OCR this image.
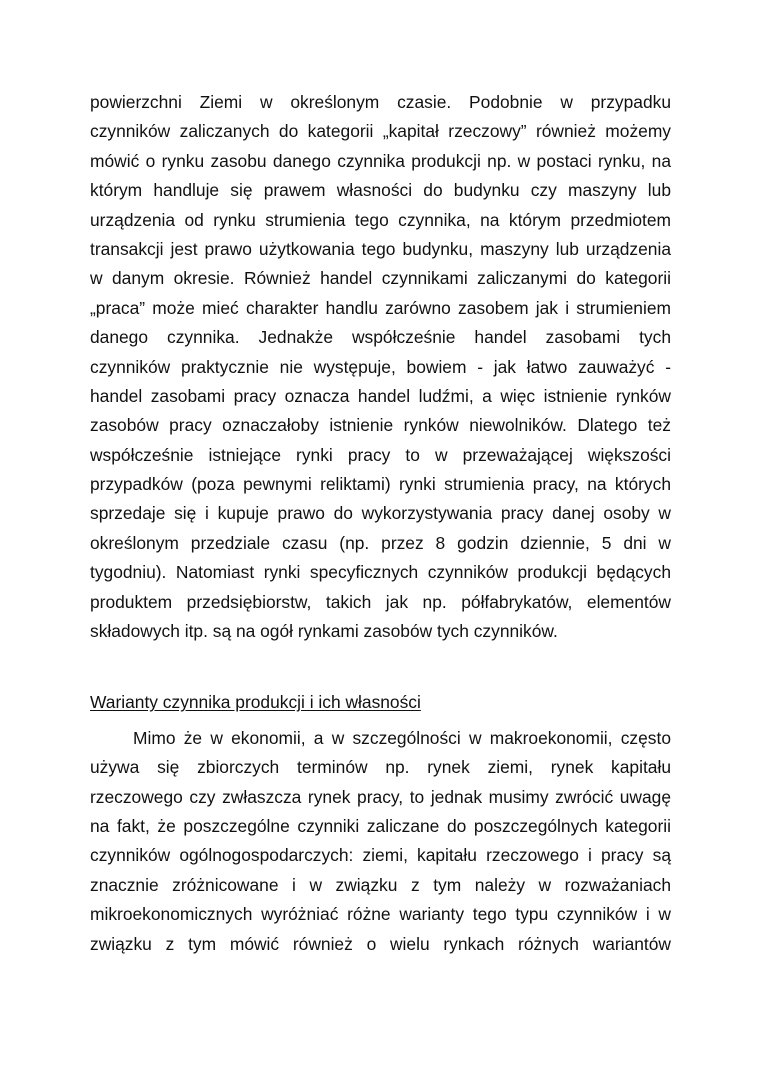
powierzchni Ziemi w określonym czasie. Podobnie w przypadku
czynników zaliczanych do kategorii „kapitał rzeczowy” również możemy
mówić o rynku zasobu danego czynnika produkcji np. w postaci rynku, na
którym handluje się prawem własności do budynku czy maszyny lub
urządzenia od rynku strumienia tego czynnika, na którym przedmiotem
transakcji jest prawo użytkowania tego budynku, maszyny lub urządzenia
w danym okresie. Również handel czynnikami zaliczanymi do kategorii
„praca” może mieć charakter handlu zarówno zasobem jak i strumieniem
danego czynnika. Jednakże współcześnie handel zasobami tych
czynników praktycznie nie występuje, bowiem - jak łatwo zauważyć -
handel zasobami pracy oznacza handel ludźmi, a więc istnienie rynków
zasobów pracy oznaczałoby istnienie rynków niewolników. Dlatego też
współcześnie istniejące rynki pracy to w przeważającej większości
przypadków (poza pewnymi reliktami) rynki strumienia pracy, na których
sprzedaje się i kupuje prawo do wykorzystywania pracy danej osoby w
określonym przedziale czasu (np. przez 8 godzin dziennie, 5 dni w
tygodniu). Natomiast rynki specyficznych czynników produkcji będących
produktem przedsiębiorstw, takich jak np. półfabrykatów, elementów
składowych itp. są na ogół rynkami zasobów tych czynników.
Warianty czynnika produkcji i ich własności
Mimo że w ekonomii, a w szczególności w makroekonomii, często
używa się zbiorczych terminów np. rynek ziemi, rynek kapitału
rzeczowego czy zwłaszcza rynek pracy, to jednak musimy zwrócić uwagę
na fakt, że poszczególne czynniki zaliczane do poszczególnych kategorii
czynników ogólnogospodarczych: ziemi, kapitału rzeczowego i pracy są
znacznie zróżnicowane i w związku z tym należy w rozważaniach
mikroekonomicznych wyróżniać różne warianty tego typu czynników i w
związku z tym mówić również o wielu rynkach różnych wariantów
